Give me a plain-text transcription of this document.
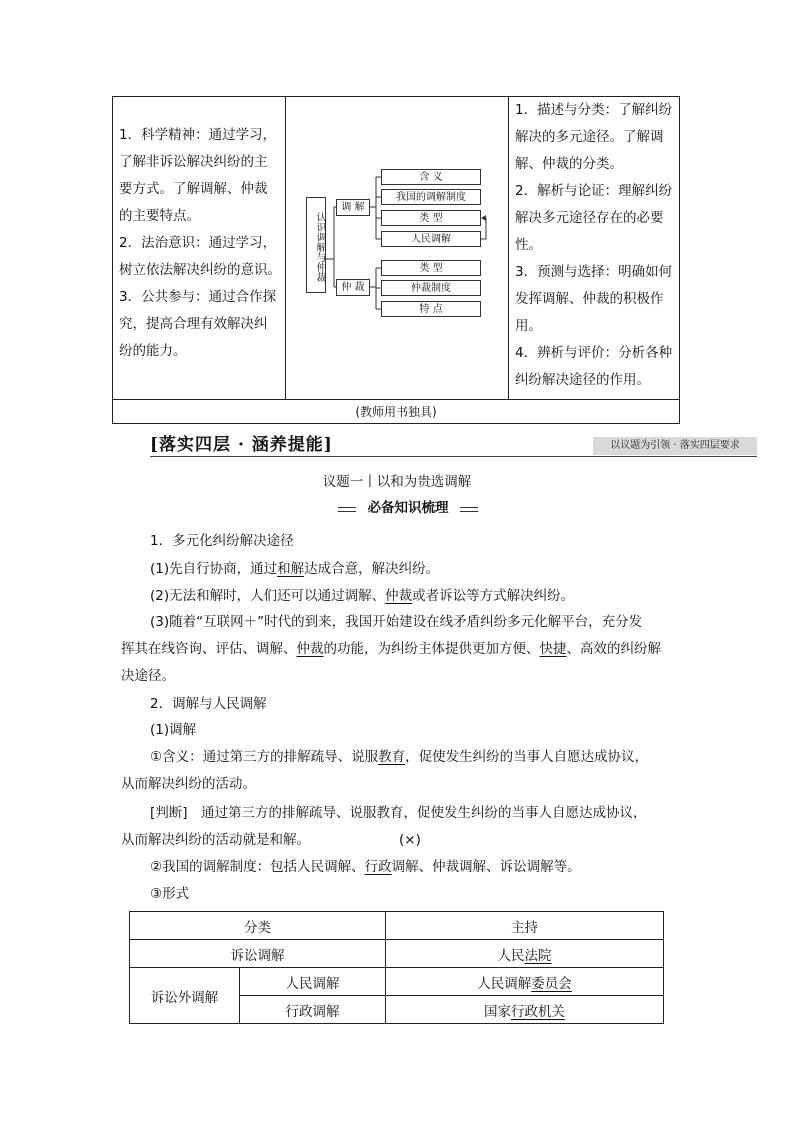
1．科学精神：通过学习，

了解非诉讼解决纠纷的主

要方式。了解调解、仲裁

的主要特点。

2．法治意识：通过学习，

树立依法解决纠纷的意识。

3．公共参与：通过合作探

究，提高合理有效解决纠

纷的能力。

认识调解与仲裁
调 解
仲 裁
含 义
我国的调解制度
类 型
人民调解
类 型
仲裁制度
特 点

1．描述与分类：了解纠纷

解决的多元途径。了解调

解、仲裁的分类。

2．解析与论证：理解纠纷

解决多元途径存在的必要

性。

3．预测与选择：明确如何

发挥调解、仲裁的积极作

用。

4．辨析与评价：分析各种

纠纷解决途径的作用。

(教师用书独具)
[落实四层 · 涵养提能]	以议题为引领 · 落实四层要求
议题一丨以和为贵选调解
必备知识梳理
1．多元化纠纷解决途径
(1)先自行协商，通过和解达成合意，解决纠纷。
(2)无法和解时，人们还可以通过调解、仲裁或者诉讼等方式解决纠纷。
(3)随着“互联网＋”时代的到来，我国开始建设在线矛盾纠纷多元化解平台，充分发
挥其在线咨询、评估、调解、仲裁的功能，为纠纷主体提供更加方便、快捷、高效的纠纷解
决途径。
2．调解与人民调解
(1)调解
①含义：通过第三方的排解疏导、说服教育，促使发生纠纷的当事人自愿达成协议，
从而解决纠纷的活动。
[判断]　通过第三方的排解疏导、说服教育，促使发生纠纷的当事人自愿达成协议，
从而解决纠纷的活动就是和解。	(×)
②我国的调解制度：包括人民调解、行政调解、仲裁调解、诉讼调解等。
③形式
分类		主持
诉讼调解		人民法院
诉讼外调解	人民调解	人民调解委员会
	行政调解	国家行政机关
